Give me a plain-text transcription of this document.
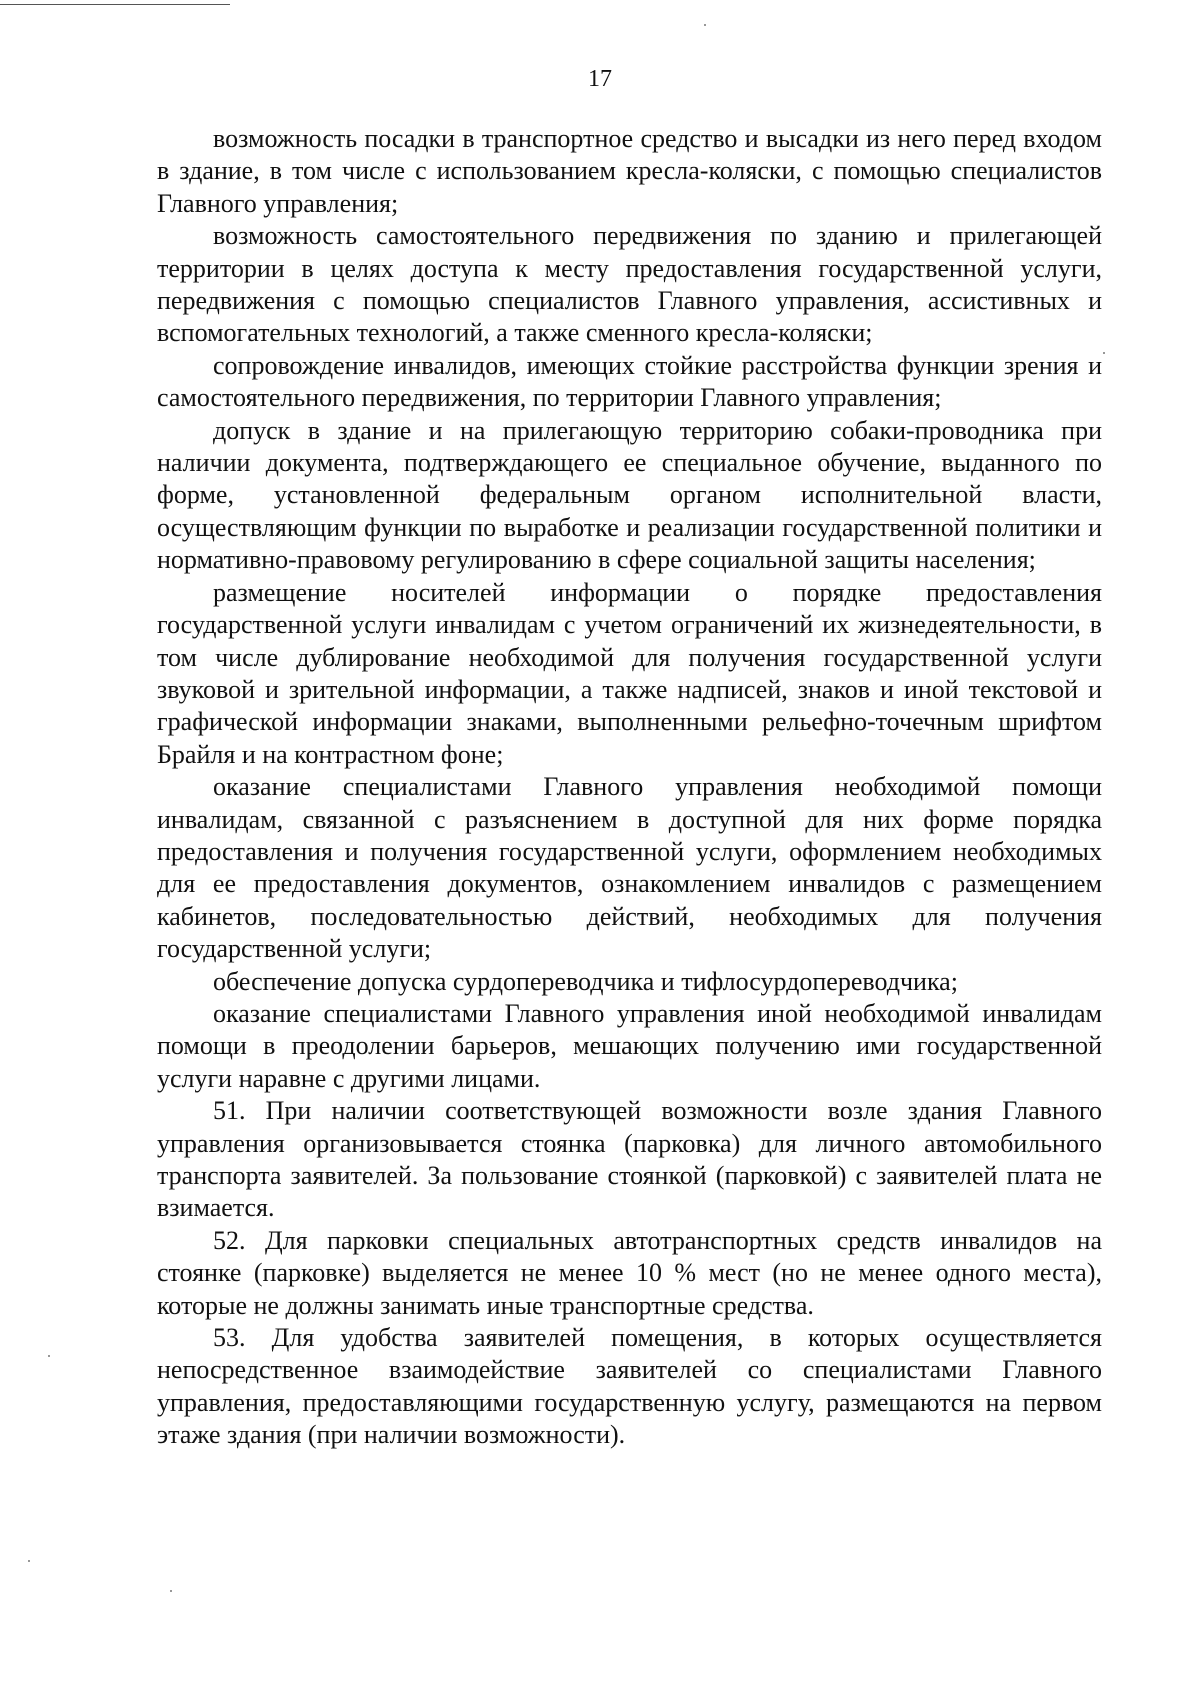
17

возможность посадки в транспортное средство и высадки из него перед входом в здание, в том числе с использованием кресла-коляски, с помощью специалистов Главного управления;

возможность самостоятельного передвижения по зданию и прилегающей территории в целях доступа к месту предоставления государственной услуги, передвижения с помощью специалистов Главного управления, ассистивных и вспомогательных технологий, а также сменного кресла-коляски;

сопровождение инвалидов, имеющих стойкие расстройства функции зрения и самостоятельного передвижения, по территории Главного управления;

допуск в здание и на прилегающую территорию собаки-проводника при наличии документа, подтверждающего ее специальное обучение, выданного по форме, установленной федеральным органом исполнительной власти, осуществляющим функции по выработке и реализации государственной политики и нормативно-правовому регулированию в сфере социальной защиты населения;

размещение носителей информации о порядке предоставления государственной услуги инвалидам с учетом ограничений их жизнедеятельности, в том числе дублирование необходимой для получения государственной услуги звуковой и зрительной информации, а также надписей, знаков и иной текстовой и графической информации знаками, выполненными рельефно-точечным шрифтом Брайля и на контрастном фоне;

оказание специалистами Главного управления необходимой помощи инвалидам, связанной с разъяснением в доступной для них форме порядка предоставления и получения государственной услуги, оформлением необходимых для ее предоставления документов, ознакомлением инвалидов с размещением кабинетов, последовательностью действий, необходимых для получения государственной услуги;

обеспечение допуска сурдопереводчика и тифлосурдопереводчика;

оказание специалистами Главного управления иной необходимой инвалидам помощи в преодолении барьеров, мешающих получению ими государственной услуги наравне с другими лицами.

51. При наличии соответствующей возможности возле здания Главного управления организовывается стоянка (парковка) для личного автомобильного транспорта заявителей. За пользование стоянкой (парковкой) с заявителей плата не взимается.

52. Для парковки специальных автотранспортных средств инвалидов на стоянке (парковке) выделяется не менее 10 % мест (но не менее одного места), которые не должны занимать иные транспортные средства.

53. Для удобства заявителей помещения, в которых осуществляется непосредственное взаимодействие заявителей со специалистами Главного управления, предоставляющими государственную услугу, размещаются на первом этаже здания (при наличии возможности).
